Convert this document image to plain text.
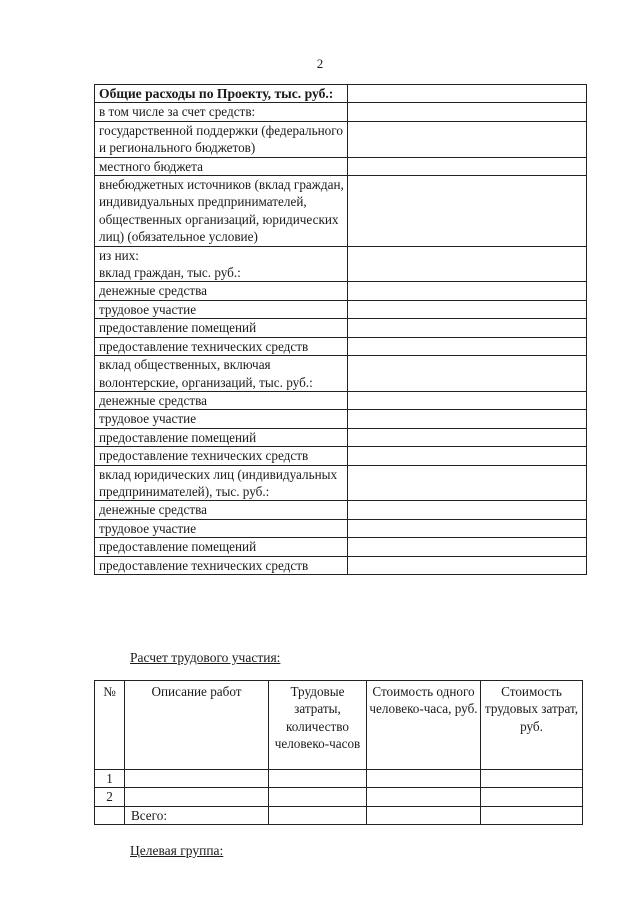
2
Общие расходы по Проекту, тыс. руб.:	
в том числе за счет средств:	
государственной поддержки (федерального и регионального бюджетов)	
местного бюджета	
внебюджетных источников (вклад граждан, индивидуальных предпринимателей, общественных организаций, юридических лиц) (обязательное условие)	
из них:
вклад граждан, тыс. руб.:	
денежные средства	
трудовое участие	
предоставление помещений	
предоставление технических средств	
вклад общественных, включая волонтерские, организаций, тыс. руб.:	
денежные средства	
трудовое участие	
предоставление помещений	
предоставление технических средств	
вклад юридических лиц (индивидуальных предпринимателей), тыс. руб.:	
денежные средства	
трудовое участие	
предоставление помещений	
предоставление технических средств	
Расчет трудового участия:
№	Описание работ	Трудовые затраты, количество человеко-часов	Стоимость одного человеко-часа, руб.	Стоимость трудовых затрат, руб.
1				
2				
	Всего:			
Целевая группа:
